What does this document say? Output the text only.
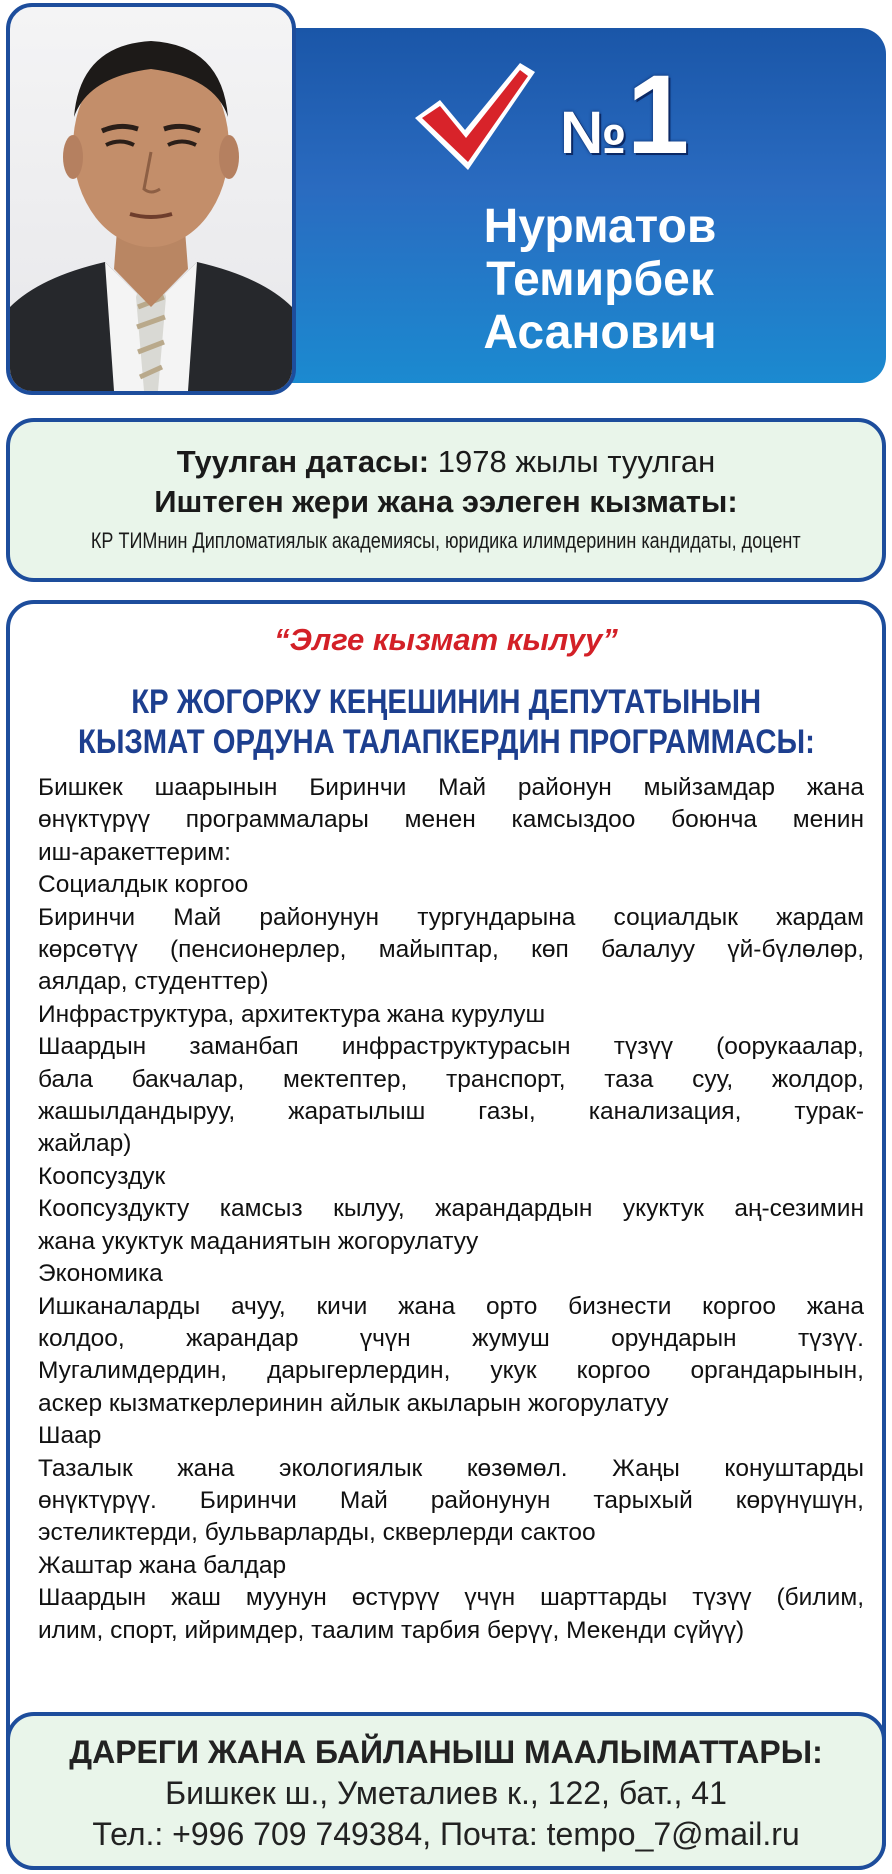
№1
Нурматов
Темирбек
Асанович
Туулган датасы: 1978 жылы туулган
Иштеген жери жана ээлеген кызматы:
КР ТИМнин Дипломатиялык академиясы, юридика илимдеринин кандидаты, доцент
“Элге кызмат кылуу”
КР ЖОГОРКУ КЕҢЕШИНИН ДЕПУТАТЫНЫН
КЫЗМАТ ОРДУНА ТАЛАПКЕРДИН ПРОГРАММАСЫ:
Бишкек шаарынын Биринчи Май районун мыйзамдар жана
өнүктүрүү программалары менен камсыздоо боюнча менин
иш-аракеттерим:
Социалдык коргоо
Биринчи Май районунун тургундарына социалдык жардам
көрсөтүү (пенсионерлер, майыптар, көп балалуу үй-бүлөлөр,
аялдар, студенттер)
Инфраструктура, архитектура жана курулуш
Шаардын заманбап инфраструктурасын түзүү (оорукаалар,
бала бакчалар, мектептер, транспорт, таза суу, жолдор,
жашылдандыруу, жаратылыш газы, канализация, турак-
жайлар)
Коопсуздук
Коопсуздукту камсыз кылуу, жарандардын укуктук аң-сезимин
жана укуктук маданиятын жогорулатуу
Экономика
Ишканаларды ачуу, кичи жана орто бизнести коргоо жана
колдоо, жарандар үчүн жумуш орундарын түзүү.
Мугалимдердин, дарыгерлердин, укук коргоо органдарынын,
аскер кызматкерлеринин айлык акыларын жогорулатуу
Шаар
Тазалык жана экологиялык көзөмөл. Жаңы конуштарды
өнүктүрүү. Биринчи Май районунун тарыхый көрүнүшүн,
эстеликтерди, бульварларды, скверлерди сактоо
Жаштар жана балдар
Шаардын жаш муунун өстүрүү үчүн шарттарды түзүү (билим,
илим, спорт, ийримдер, таалим тарбия берүү, Мекенди сүйүү)
ДАРЕГИ ЖАНА БАЙЛАНЫШ МААЛЫМАТТАРЫ:
Бишкек ш., Уметалиев к., 122, бат., 41
Тел.: +996 709 749384, Почта: tempo_7@mail.ru
